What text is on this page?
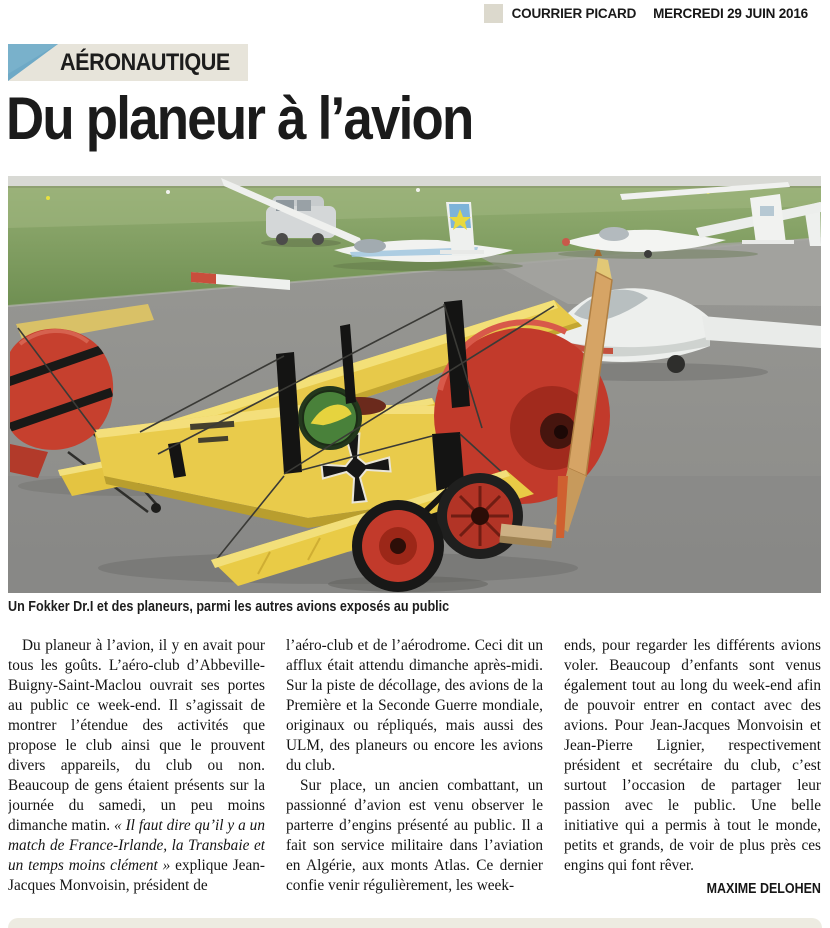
COURRIER PICARD MERCREDI 29 JUIN 2016
AÉRONAUTIQUE
Du planeur à l’avion
Un Fokker Dr.I et des planeurs, parmi les autres avions exposés au public

Du planeur à l’avion, il y en avait pour tous les goûts. L’aéro-club d’Abbeville-Buigny-Saint-Maclou ouvrait ses portes au public ce week-end. Il s’agissait de montrer l’étendue des activités que propose le club ainsi que le prouvent divers appareils, du club ou non. Beaucoup de gens étaient présents sur la journée du samedi, un peu moins dimanche matin. « Il faut dire qu’il y a un match de France-Irlande, la Transbaie et un temps moins clément » explique Jean-Jacques Monvoisin, président de

l’aéro-club et de l’aérodrome. Ceci dit un afflux était attendu dimanche après-midi. Sur la piste de décollage, des avions de la Première et la Seconde Guerre mondiale, originaux ou répliqués, mais aussi des ULM, des planeurs ou encore les avions du club.

Sur place, un ancien combattant, un passionné d’avion est venu observer le parterre d’engins présenté au public. Il a fait son service militaire dans l’aviation en Algérie, aux monts Atlas. Ce dernier confie venir régulièrement, les week-

ends, pour regarder les différents avions voler. Beaucoup d’enfants sont venus également tout au long du week-end afin de pouvoir entrer en contact avec des avions. Pour Jean-Jacques Monvoisin et Jean-Pierre Lignier, respectivement président et secrétaire du club, c’est surtout l’occasion de partager leur passion avec le public. Une belle initiative qui a permis à tout le monde, petits et grands, de voir de plus près ces engins qui font rêver.

MAXIME DELOHEN
